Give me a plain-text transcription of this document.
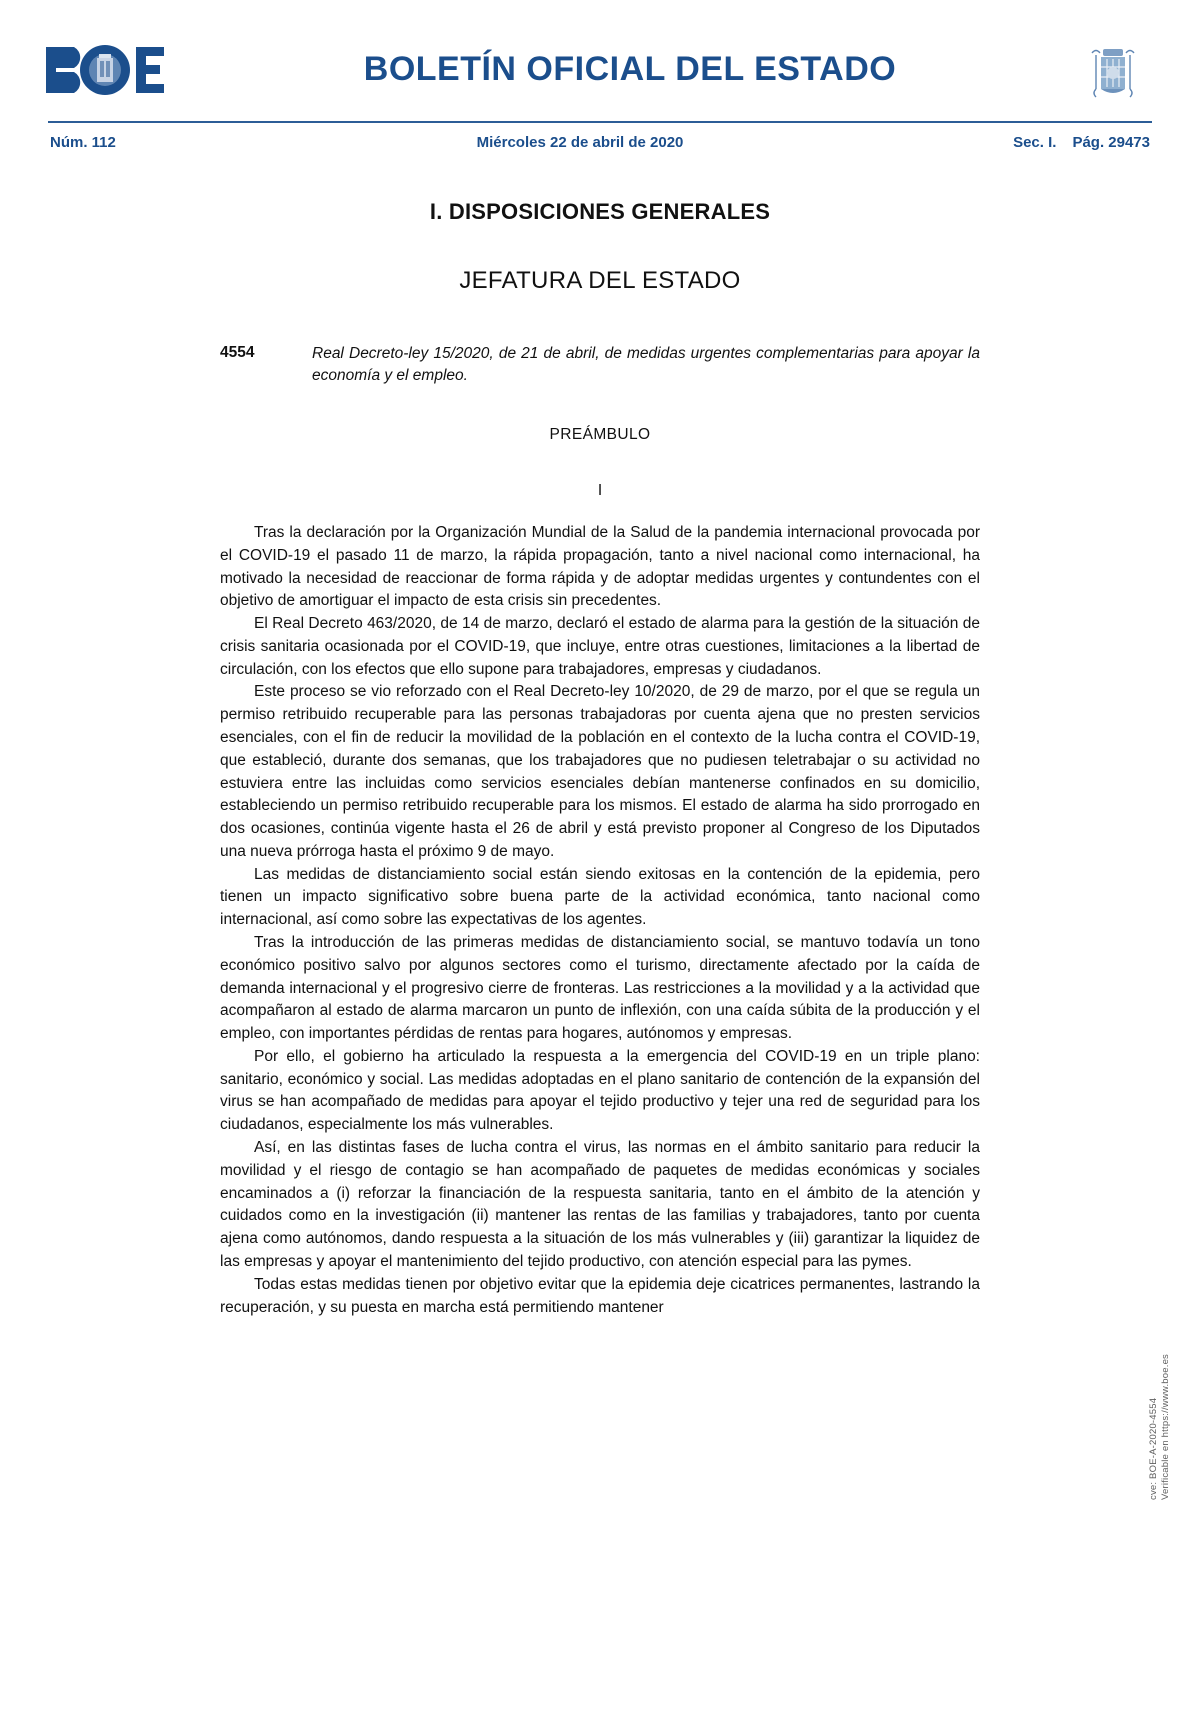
BOLETÍN OFICIAL DEL ESTADO
Núm. 112	Miércoles 22 de abril de 2020	Sec. I. Pág. 29473
I. DISPOSICIONES GENERALES
JEFATURA DEL ESTADO
4554	Real Decreto-ley 15/2020, de 21 de abril, de medidas urgentes complementarias para apoyar la economía y el empleo.
PREÁMBULO
I

Tras la declaración por la Organización Mundial de la Salud de la pandemia internacional provocada por el COVID-19 el pasado 11 de marzo, la rápida propagación, tanto a nivel nacional como internacional, ha motivado la necesidad de reaccionar de forma rápida y de adoptar medidas urgentes y contundentes con el objetivo de amortiguar el impacto de esta crisis sin precedentes.

El Real Decreto 463/2020, de 14 de marzo, declaró el estado de alarma para la gestión de la situación de crisis sanitaria ocasionada por el COVID-19, que incluye, entre otras cuestiones, limitaciones a la libertad de circulación, con los efectos que ello supone para trabajadores, empresas y ciudadanos.

Este proceso se vio reforzado con el Real Decreto-ley 10/2020, de 29 de marzo, por el que se regula un permiso retribuido recuperable para las personas trabajadoras por cuenta ajena que no presten servicios esenciales, con el fin de reducir la movilidad de la población en el contexto de la lucha contra el COVID-19, que estableció, durante dos semanas, que los trabajadores que no pudiesen teletrabajar o su actividad no estuviera entre las incluidas como servicios esenciales debían mantenerse confinados en su domicilio, estableciendo un permiso retribuido recuperable para los mismos. El estado de alarma ha sido prorrogado en dos ocasiones, continúa vigente hasta el 26 de abril y está previsto proponer al Congreso de los Diputados una nueva prórroga hasta el próximo 9 de mayo.

Las medidas de distanciamiento social están siendo exitosas en la contención de la epidemia, pero tienen un impacto significativo sobre buena parte de la actividad económica, tanto nacional como internacional, así como sobre las expectativas de los agentes.

Tras la introducción de las primeras medidas de distanciamiento social, se mantuvo todavía un tono económico positivo salvo por algunos sectores como el turismo, directamente afectado por la caída de demanda internacional y el progresivo cierre de fronteras. Las restricciones a la movilidad y a la actividad que acompañaron al estado de alarma marcaron un punto de inflexión, con una caída súbita de la producción y el empleo, con importantes pérdidas de rentas para hogares, autónomos y empresas.

Por ello, el gobierno ha articulado la respuesta a la emergencia del COVID-19 en un triple plano: sanitario, económico y social. Las medidas adoptadas en el plano sanitario de contención de la expansión del virus se han acompañado de medidas para apoyar el tejido productivo y tejer una red de seguridad para los ciudadanos, especialmente los más vulnerables.

Así, en las distintas fases de lucha contra el virus, las normas en el ámbito sanitario para reducir la movilidad y el riesgo de contagio se han acompañado de paquetes de medidas económicas y sociales encaminados a (i) reforzar la financiación de la respuesta sanitaria, tanto en el ámbito de la atención y cuidados como en la investigación (ii) mantener las rentas de las familias y trabajadores, tanto por cuenta ajena como autónomos, dando respuesta a la situación de los más vulnerables y (iii) garantizar la liquidez de las empresas y apoyar el mantenimiento del tejido productivo, con atención especial para las pymes.

Todas estas medidas tienen por objetivo evitar que la epidemia deje cicatrices permanentes, lastrando la recuperación, y su puesta en marcha está permitiendo mantener

cve: BOE-A-2020-4554 Verificable en https://www.boe.es
